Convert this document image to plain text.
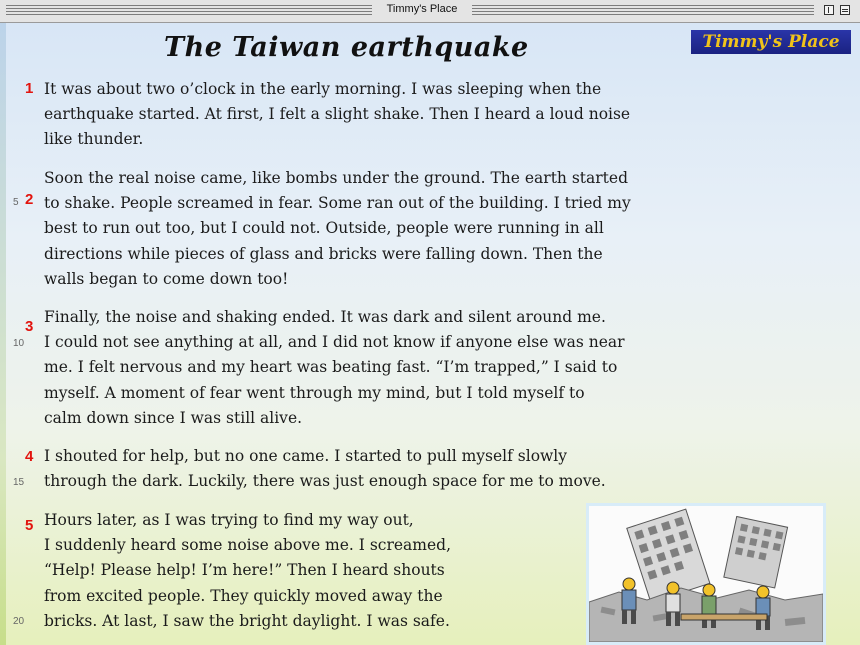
Timmy's Place
The Taiwan earthquake	Timmy's Place
1
2
3
4
5
5
10
15
20

It was about two o’clock in the early morning. I was sleeping when the
earthquake started. At first, I felt a slight shake. Then I heard a loud noise
like thunder.

Soon the real noise came, like bombs under the ground. The earth started
to shake. People screamed in fear. Some ran out of the building. I tried my
best to run out too, but I could not. Outside, people were running in all
directions while pieces of glass and bricks were falling down. Then the
walls began to come down too!

Finally, the noise and shaking ended. It was dark and silent around me.
I could not see anything at all, and I did not know if anyone else was near
me. I felt nervous and my heart was beating fast. “I’m trapped,” I said to
myself. A moment of fear went through my mind, but I told myself to
calm down since I was still alive.

I shouted for help, but no one came. I started to pull myself slowly
through the dark. Luckily, there was just enough space for me to move.

Hours later, as I was trying to find my way out,
I suddenly heard some noise above me. I screamed,
“Help! Please help! I’m here!” Then I heard shouts
from excited people. They quickly moved away the
bricks. At last, I saw the bright daylight. I was safe.
